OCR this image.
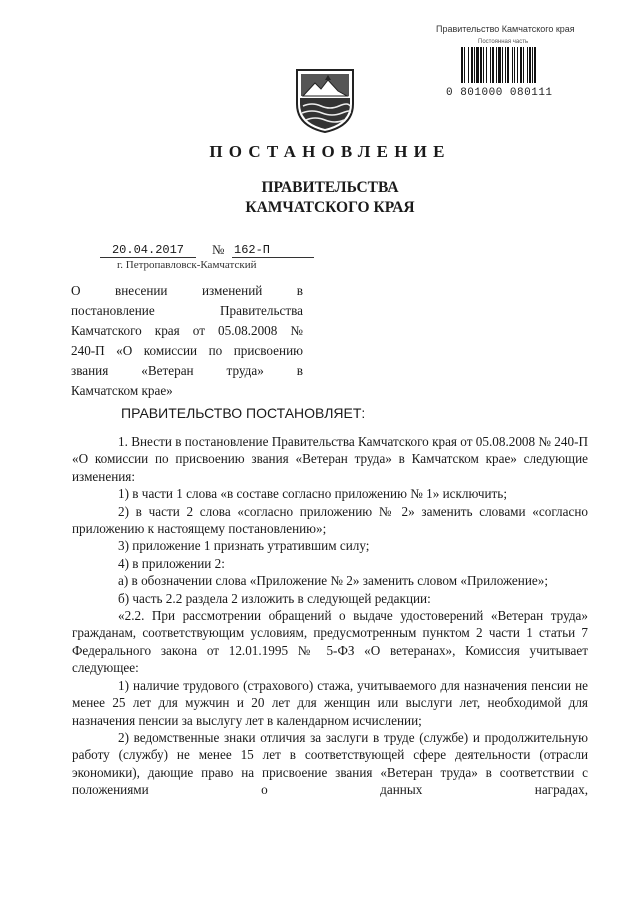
Правительство Камчатского края
Постоянная часть
0 801000 080111
ПОСТАНОВЛЕНИЕ
ПРАВИТЕЛЬСТВА
КАМЧАТСКОГО КРАЯ
20.04.2017	№ 162-П
г. Петропавловск-Камчатский
О внесении изменений в
постановление Правительства
Камчатского края от 05.08.2008 №
240-П «О комиссии по присвоению
звания «Ветеран труда» в
Камчатском крае»
ПРАВИТЕЛЬСТВО ПОСТАНОВЛЯЕТ:

1. Внести в постановление Правительства Камчатского края от 05.08.2008 № 240-П «О комиссии по присвоению звания «Ветеран труда» в Камчатском крае» следующие изменения:

1) в части 1 слова «в составе согласно приложению № 1» исключить;

2) в части 2 слова «согласно приложению № 2» заменить словами «согласно приложению к настоящему постановлению»;

3) приложение 1 признать утратившим силу;

4) в приложении 2:

а) в обозначении слова «Приложение № 2» заменить словом «Приложение»;

б) часть 2.2 раздела 2 изложить в следующей редакции:

«2.2. При рассмотрении обращений о выдаче удостоверений «Ветеран труда» гражданам, соответствующим условиям, предусмотренным пунктом 2 части 1 статьи 7 Федерального закона от 12.01.1995 № 5-ФЗ «О ветеранах», Комиссия учитывает следующее:

1) наличие трудового (страхового) стажа, учитываемого для назначения пенсии не менее 25 лет для мужчин и 20 лет для женщин или выслуги лет, необходимой для назначения пенсии за выслугу лет в календарном исчислении;

2) ведомственные знаки отличия за заслуги в труде (службе) и продолжительную работу (службу) не менее 15 лет в соответствующей сфере деятельности (отрасли экономики), дающие право на присвоение звания «Ветеран труда» в соответствии с положениями о данных наградах,
